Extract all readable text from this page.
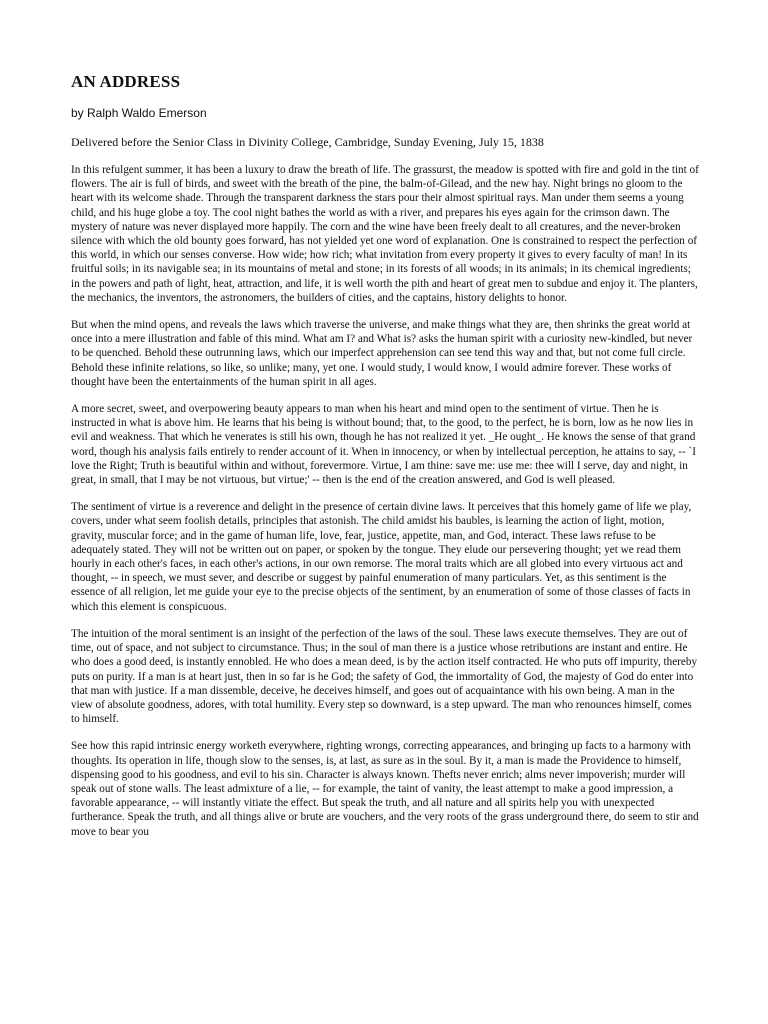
AN ADDRESS
by Ralph Waldo Emerson
Delivered before the Senior Class in Divinity College, Cambridge, Sunday Evening, July 15, 1838

In this refulgent summer, it has been a luxury to draw the breath of life. The grassurst, the meadow is spotted with fire and gold in the tint of flowers. The air is full of birds, and sweet with the breath of the pine, the balm-of-Gilead, and the new hay. Night brings no gloom to the heart with its welcome shade. Through the transparent darkness the stars pour their almost spiritual rays. Man under them seems a young child, and his huge globe a toy. The cool night bathes the world as with a river, and prepares his eyes again for the crimson dawn. The mystery of nature was never displayed more happily. The corn and the wine have been freely dealt to all creatures, and the never-broken silence with which the old bounty goes forward, has not yielded yet one word of explanation. One is constrained to respect the perfection of this world, in which our senses converse. How wide; how rich; what invitation from every property it gives to every faculty of man! In its fruitful soils; in its navigable sea; in its mountains of metal and stone; in its forests of all woods; in its animals; in its chemical ingredients; in the powers and path of light, heat, attraction, and life, it is well worth the pith and heart of great men to subdue and enjoy it. The planters, the mechanics, the inventors, the astronomers, the builders of cities, and the captains, history delights to honor.

But when the mind opens, and reveals the laws which traverse the universe, and make things what they are, then shrinks the great world at once into a mere illustration and fable of this mind. What am I? and What is? asks the human spirit with a curiosity new-kindled, but never to be quenched. Behold these outrunning laws, which our imperfect apprehension can see tend this way and that, but not come full circle. Behold these infinite relations, so like, so unlike; many, yet one. I would study, I would know, I would admire forever. These works of thought have been the entertainments of the human spirit in all ages.

A more secret, sweet, and overpowering beauty appears to man when his heart and mind open to the sentiment of virtue. Then he is instructed in what is above him. He learns that his being is without bound; that, to the good, to the perfect, he is born, low as he now lies in evil and weakness. That which he venerates is still his own, though he has not realized it yet. _He ought_. He knows the sense of that grand word, though his analysis fails entirely to render account of it. When in innocency, or when by intellectual perception, he attains to say, -- `I love the Right; Truth is beautiful within and without, forevermore. Virtue, I am thine: save me: use me: thee will I serve, day and night, in great, in small, that I may be not virtuous, but virtue;' -- then is the end of the creation answered, and God is well pleased.

The sentiment of virtue is a reverence and delight in the presence of certain divine laws. It perceives that this homely game of life we play, covers, under what seem foolish details, principles that astonish. The child amidst his baubles, is learning the action of light, motion, gravity, muscular force; and in the game of human life, love, fear, justice, appetite, man, and God, interact. These laws refuse to be adequately stated. They will not be written out on paper, or spoken by the tongue. They elude our persevering thought; yet we read them hourly in each other's faces, in each other's actions, in our own remorse. The moral traits which are all globed into every virtuous act and thought, -- in speech, we must sever, and describe or suggest by painful enumeration of many particulars. Yet, as this sentiment is the essence of all religion, let me guide your eye to the precise objects of the sentiment, by an enumeration of some of those classes of facts in which this element is conspicuous.

The intuition of the moral sentiment is an insight of the perfection of the laws of the soul. These laws execute themselves. They are out of time, out of space, and not subject to circumstance. Thus; in the soul of man there is a justice whose retributions are instant and entire. He who does a good deed, is instantly ennobled. He who does a mean deed, is by the action itself contracted. He who puts off impurity, thereby puts on purity. If a man is at heart just, then in so far is he God; the safety of God, the immortality of God, the majesty of God do enter into that man with justice. If a man dissemble, deceive, he deceives himself, and goes out of acquaintance with his own being. A man in the view of absolute goodness, adores, with total humility. Every step so downward, is a step upward. The man who renounces himself, comes to himself.

See how this rapid intrinsic energy worketh everywhere, righting wrongs, correcting appearances, and bringing up facts to a harmony with thoughts. Its operation in life, though slow to the senses, is, at last, as sure as in the soul. By it, a man is made the Providence to himself, dispensing good to his goodness, and evil to his sin. Character is always known. Thefts never enrich; alms never impoverish; murder will speak out of stone walls. The least admixture of a lie, -- for example, the taint of vanity, the least attempt to make a good impression, a favorable appearance, -- will instantly vitiate the effect. But speak the truth, and all nature and all spirits help you with unexpected furtherance. Speak the truth, and all things alive or brute are vouchers, and the very roots of the grass underground there, do seem to stir and move to bear you
